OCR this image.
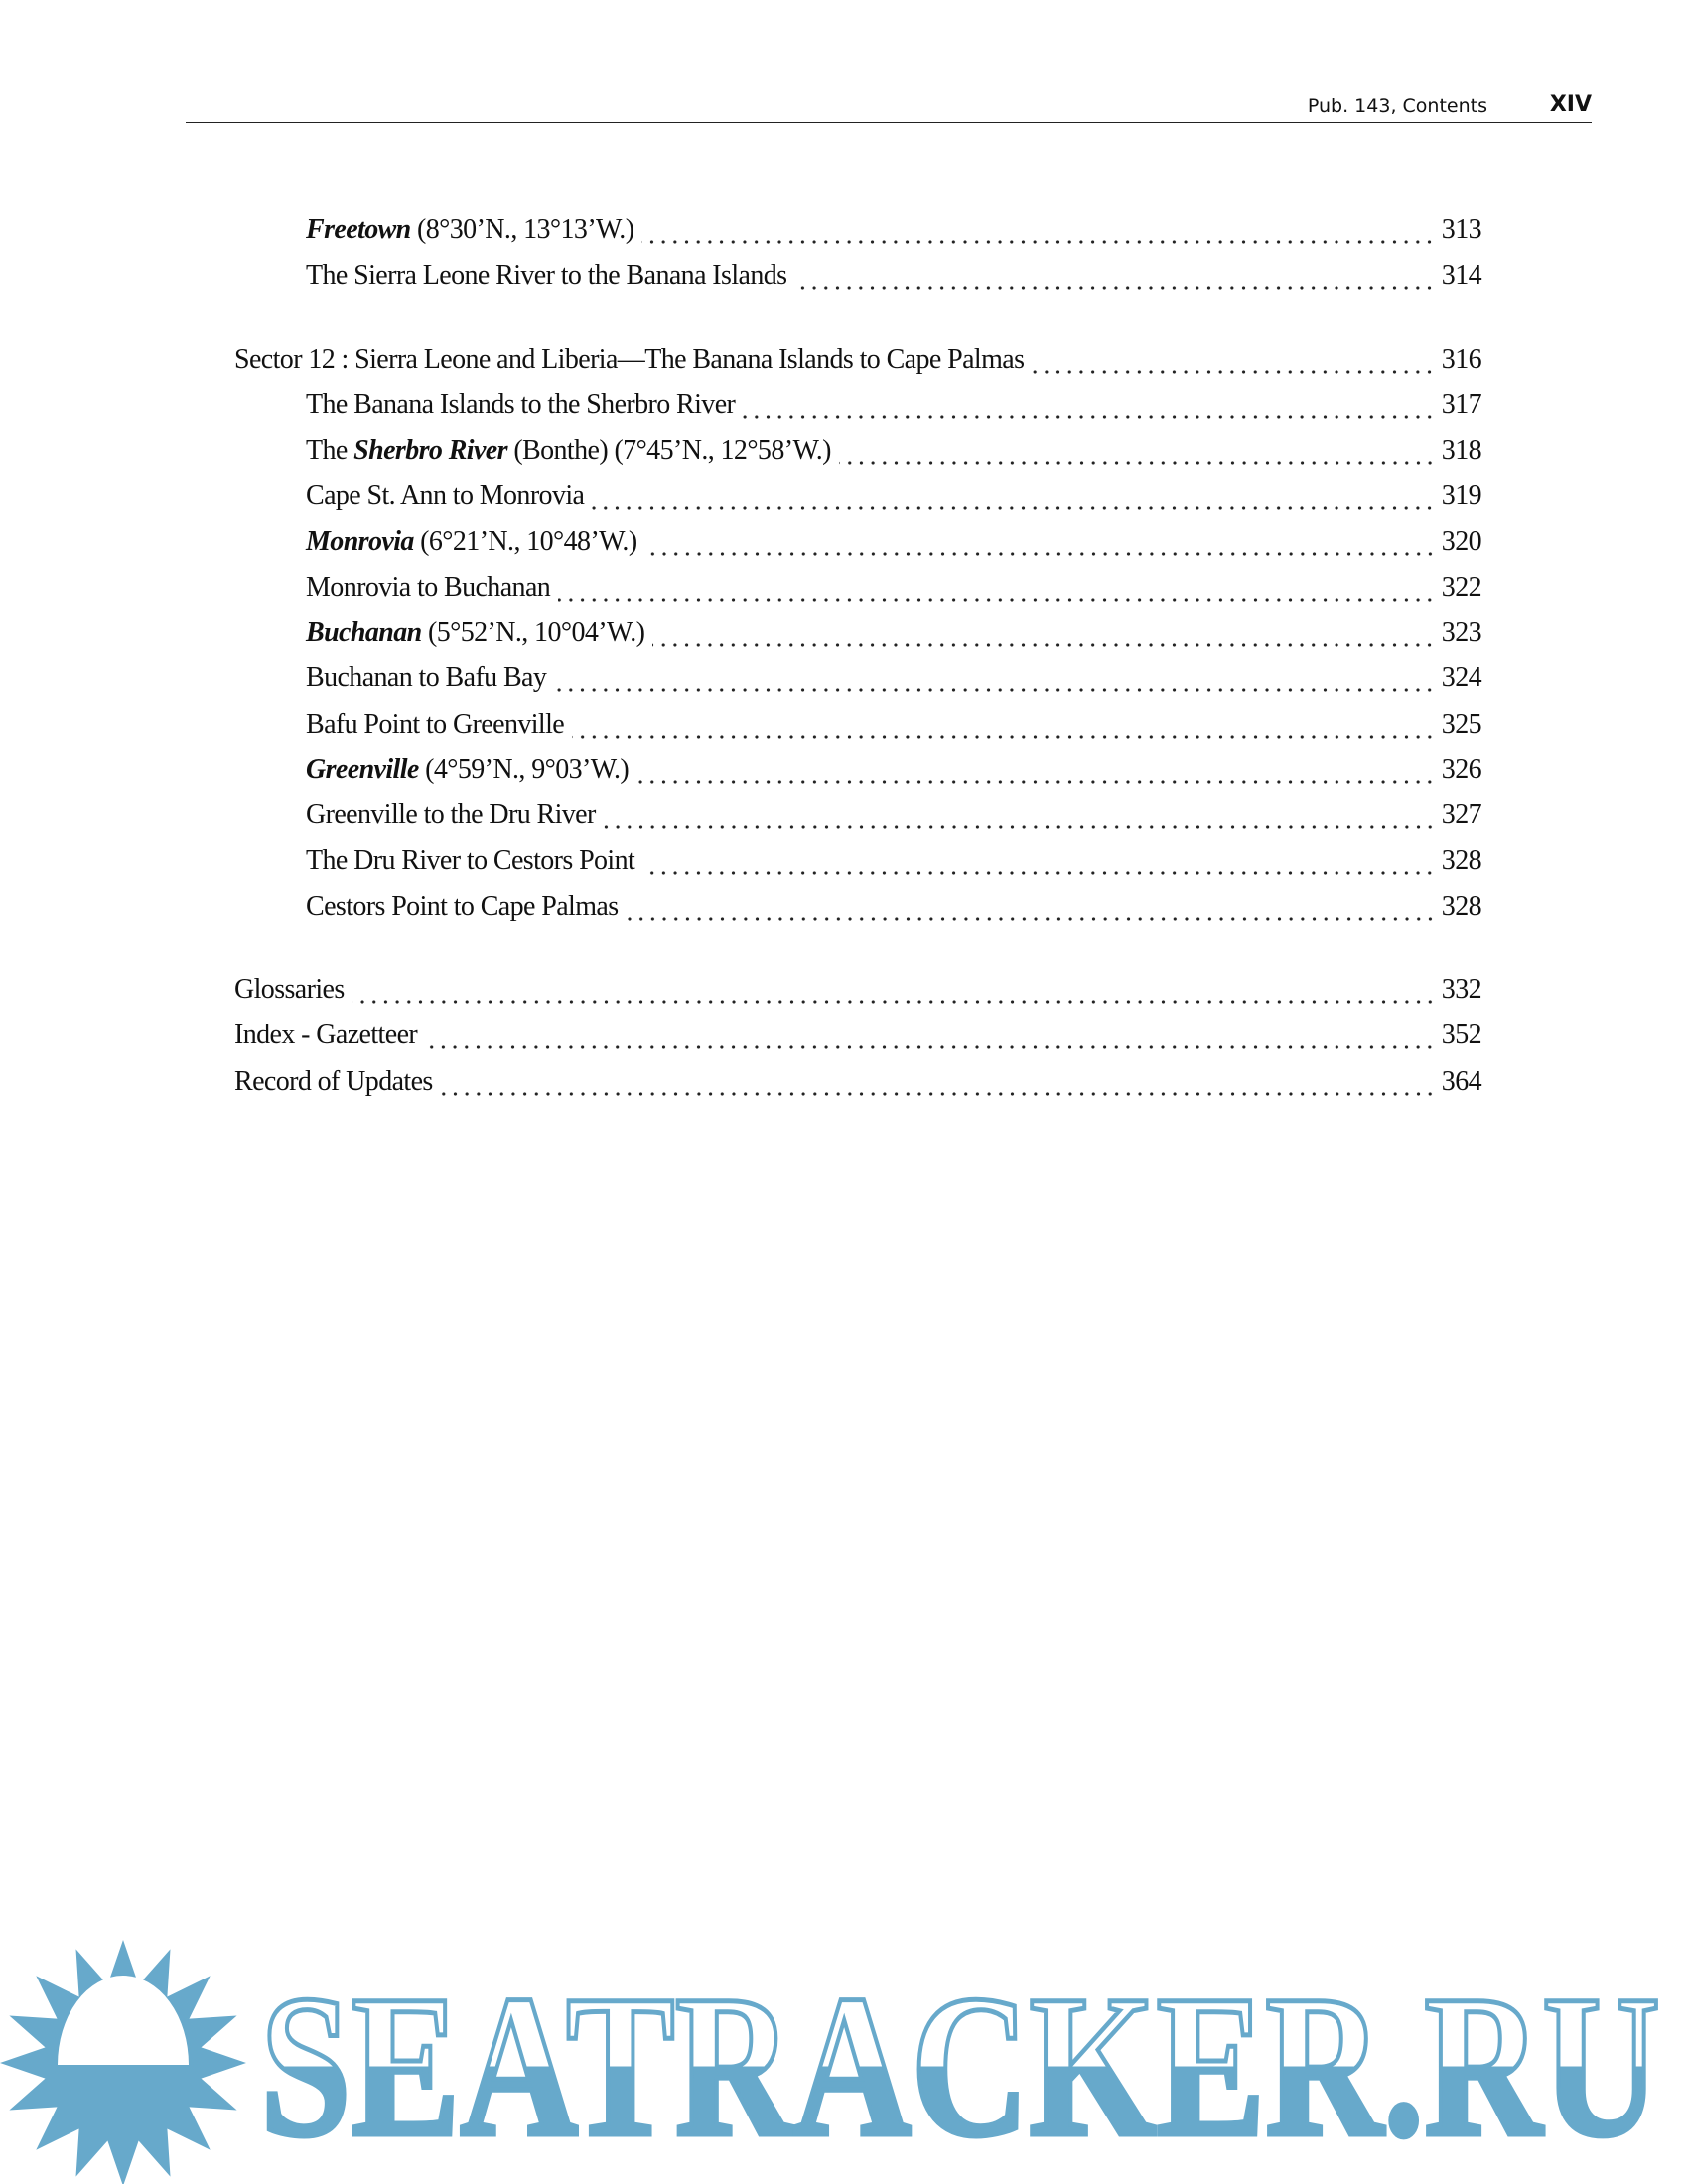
Pub. 143, Contents	XIV
Freetown (8°30’N., 13°13’W.)	313
The Sierra Leone River to the Banana Islands	314
Sector 12 : Sierra Leone and Liberia—The Banana Islands to Cape Palmas	316
The Banana Islands to the Sherbro River	317
The Sherbro River (Bonthe) (7°45’N., 12°58’W.)	318
Cape St. Ann to Monrovia	319
Monrovia (6°21’N., 10°48’W.)	320
Monrovia to Buchanan	322
Buchanan (5°52’N., 10°04’W.)	323
Buchanan to Bafu Bay	324
Bafu Point to Greenville	325
Greenville (4°59’N., 9°03’W.)	326
Greenville to the Dru River	327
The Dru River to Cestors Point	328
Cestors Point to Cape Palmas	328
Glossaries	332
Index - Gazetteer	352
Record of Updates	364
SEATRACKER.RU
